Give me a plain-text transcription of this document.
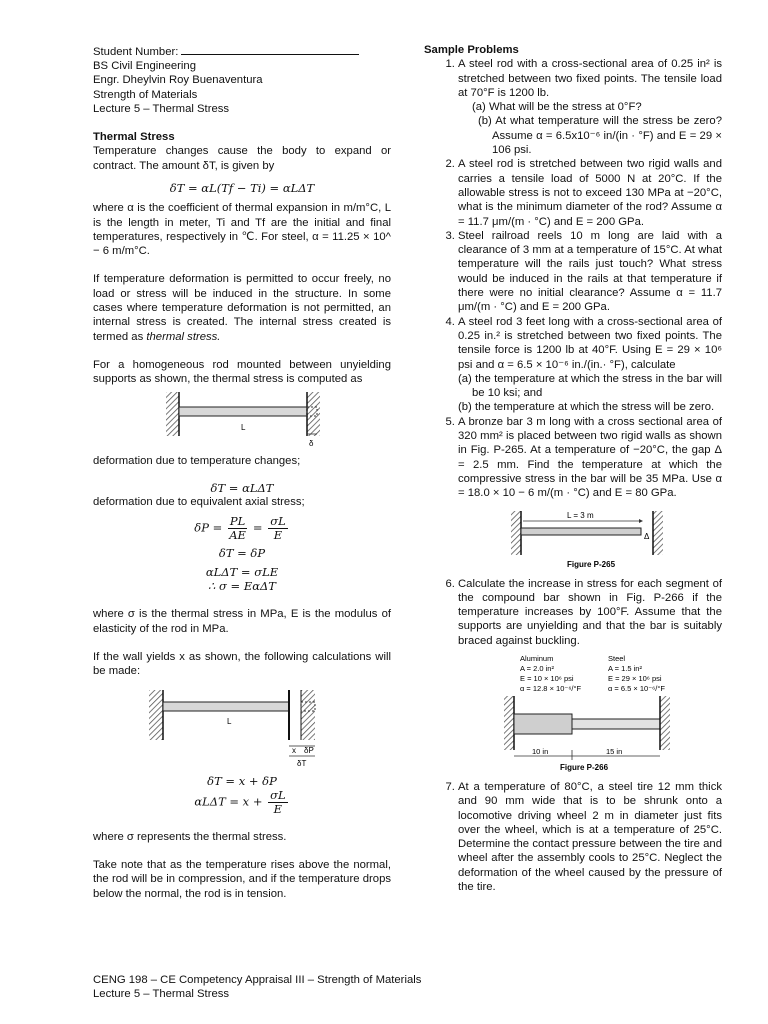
Student Number:
BS Civil Engineering
Engr. Dheylvin Roy Buenaventura
Strength of Materials
Lecture 5 – Thermal Stress
Thermal Stress
Temperature changes cause the body to expand or contract. The amount δT, is given by
δT = αL(Tf − Ti) = αLΔT
where α is the coefficient of thermal expansion in m/m°C, L is the length in meter, Ti and Tf are the initial and final temperatures, respectively in ℃. For steel, α = 11.25 × 10^ − 6 m/m°C.
If temperature deformation is permitted to occur freely, no load or stress will be induced in the structure. In some cases where temperature deformation is not permitted, an internal stress is created. The internal stress created is termed as thermal stress.
For a homogeneous rod mounted between unyielding supports as shown, the thermal stress is computed as
L
δ
deformation due to temperature changes;
δT = αLΔT
deformation due to equivalent axial stress;
$\delta P = \frac{PL}{AE} = \frac{\sigma L}{E}$
δT = δP
αLΔT = σLE
∴ σ = EαΔT
where σ is the thermal stress in MPa, E is the modulus of elasticity of the rod in MPa.
If the wall yields x as shown, the following calculations will be made:
L
x δP
δT
δT = x + δP
$\alpha L\Delta T = x + \frac{\sigma L}{E}$
where σ represents the thermal stress.
Take note that as the temperature rises above the normal, the rod will be in compression, and if the temperature drops below the normal, the rod is in tension.
Sample Problems
1. A steel rod with a cross-sectional area of 0.25 in² is stretched between two fixed points. The tensile load at 70°F is 1200 lb.
(a) What will be the stress at 0°F?
(b) At what temperature will the stress be zero? Assume α = 6.5x10⁻⁶ in/(in · °F) and E = 29 × 106 psi.
2. A steel rod is stretched between two rigid walls and carries a tensile load of 5000 N at 20°C. If the allowable stress is not to exceed 130 MPa at −20°C, what is the minimum diameter of the rod? Assume α = 11.7 μm/(m · °C) and E = 200 GPa.
3. Steel railroad reels 10 m long are laid with a clearance of 3 mm at a temperature of 15°C. At what temperature will the rails just touch? What stress would be induced in the rails at that temperature if there were no initial clearance? Assume α = 11.7 μm/(m · °C) and E = 200 GPa.
4. A steel rod 3 feet long with a cross-sectional area of 0.25 in.² is stretched between two fixed points. The tensile force is 1200 lb at 40°F. Using E = 29 × 10⁶ psi and α = 6.5 × 10⁻⁶ in./(in.· °F), calculate
(a) the temperature at which the stress in the bar will be 10 ksi; and
(b) the temperature at which the stress will be zero.
5. A bronze bar 3 m long with a cross sectional area of 320 mm² is placed between two rigid walls as shown in Fig. P-265. At a temperature of −20°C, the gap Δ = 2.5 mm. Find the temperature at which the compressive stress in the bar will be 35 MPa. Use α = 18.0 × 10 − 6 m/(m · °C) and E = 80 GPa.
L = 3 m
Δ
Figure P-265
6. Calculate the increase in stress for each segment of the compound bar shown in Fig. P-266 if the temperature increases by 100°F. Assume that the supports are unyielding and that the bar is suitably braced against buckling.
Aluminum
A = 2.0 in²
E = 10 × 10⁶ psi
α = 12.8 × 10⁻⁶/°F
Steel
A = 1.5 in²
E = 29 × 10⁶ psi
α = 6.5 × 10⁻⁶/°F
10 in	15 in
Figure P-266
7. At a temperature of 80°C, a steel tire 12 mm thick and 90 mm wide that is to be shrunk onto a locomotive driving wheel 2 m in diameter just fits over the wheel, which is at a temperature of 25°C. Determine the contact pressure between the tire and wheel after the assembly cools to 25°C. Neglect the deformation of the wheel caused by the pressure of the tire.
CENG 198 – CE Competency Appraisal III – Strength of Materials
Lecture 5 – Thermal Stress
